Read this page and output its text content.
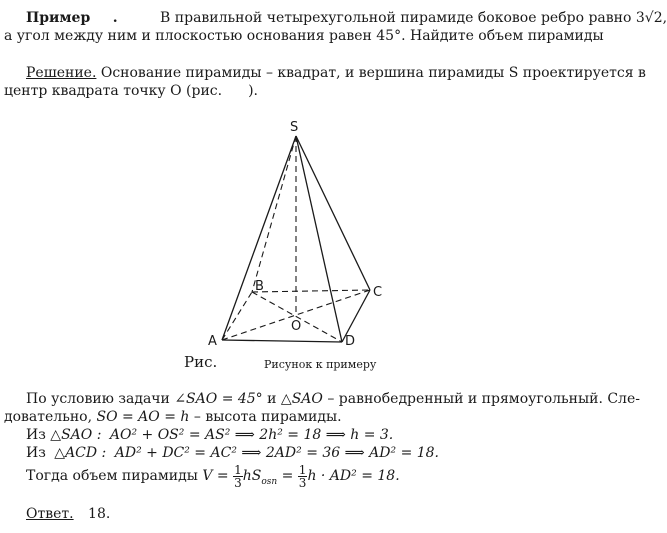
Пример .	В правильной четырехугольной пирамиде боковое ребро равно 3√2,
а угол между ним и плоскостью основания равен 45°. Найдите объем пирамиды
Решение. Основание пирамиды – квадрат, и вершина пирамиды S проектируется в
центр квадрата точку O (рис. ).
S
B	C
O
A	D
Рис.	Рисунок к примеру
По условию задачи ∠SAO = 45° и △SAO – равнобедренный и прямоугольный. Сле-
довательно, SO = AO = h – высота пирамиды.
Из △SAO : AO² + OS² = AS² ⟹ 2h² = 18 ⟹ h = 3.
Из △ACD : AD² + DC² = AC² ⟹ 2AD² = 36 ⟹ AD² = 18.
Тогда объем пирамиды $V = \frac{1}{3} hS_{osn} = \frac{1}{3}$ h · AD² = 18.
Ответ. 18.
